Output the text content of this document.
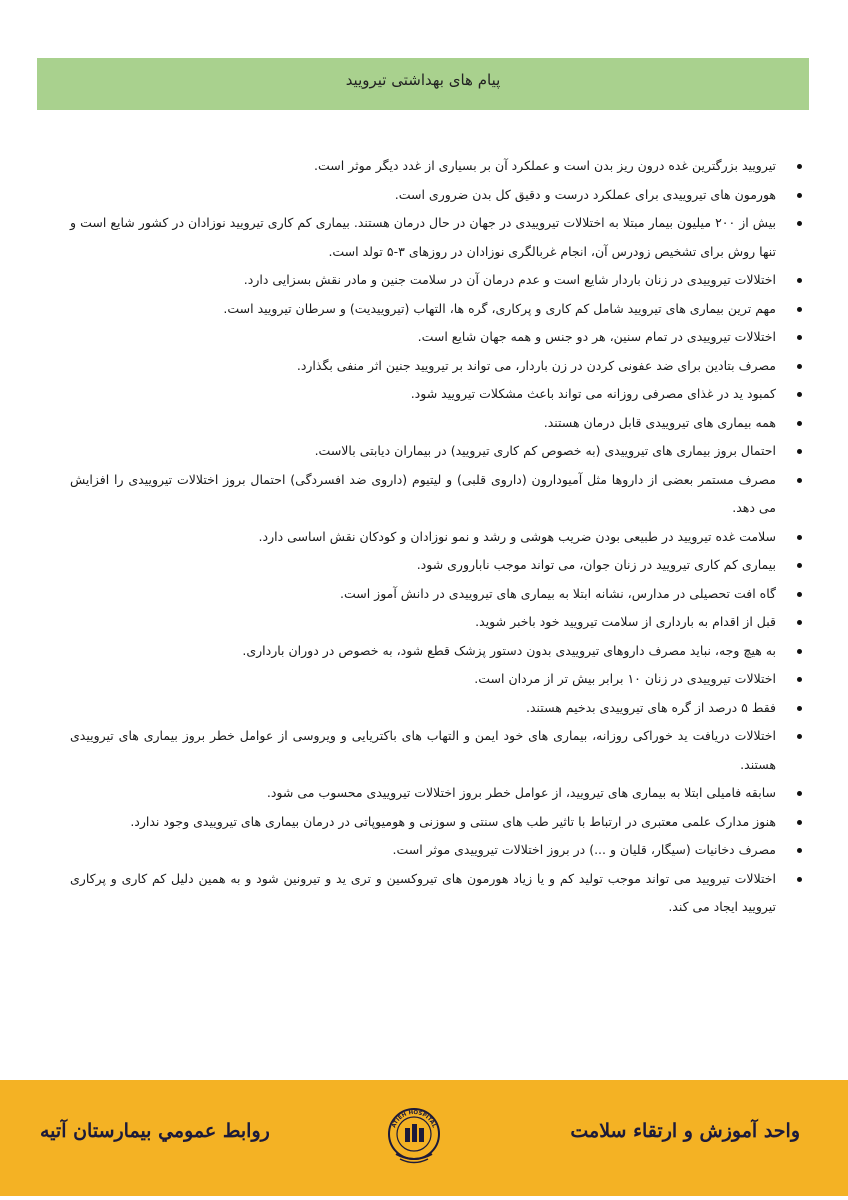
پیام های بهداشتی تیرویید
تیرویید بزرگترین غده درون ریز بدن است و عملکرد آن بر بسیاری از غدد دیگر موثر است.
هورمون های تیروییدی برای عملکرد درست و دقیق کل بدن ضروری است.
بیش از ۲۰۰ میلیون بیمار مبتلا به اختلالات تیروییدی در جهان در حال درمان هستند. بیماری کم کاری تیرویید نوزادان در کشور شایع است و تنها روش برای تشخیص زودرس آن، انجام غربالگری نوزادان در روزهای ۳-۵ تولد است.
اختلالات تیروییدی در زنان باردار شایع است و عدم درمان آن در سلامت جنین و مادر نقش بسزایی دارد.
مهم ترین بیماری های تیرویید شامل کم کاری و پرکاری، گره ها، التهاب (تیروییدیت) و سرطان تیرویید است.
اختلالات تیروییدی در تمام سنین، هر دو جنس و همه جهان شایع است.
مصرف بتادین برای ضد عفونی کردن در زن باردار، می تواند بر تیرویید جنین اثر منفی بگذارد.
کمبود ید در غذای مصرفی روزانه می تواند باعث مشکلات تیرویید شود.
همه بیماری های تیروییدی قابل درمان هستند.
احتمال بروز بیماری های تیروییدی (به خصوص کم کاری تیرویید) در بیماران دیابتی بالاست.
مصرف مستمر بعضی از داروها مثل آمیودارون (داروی قلبی) و لیتیوم (داروی ضد افسردگی) احتمال بروز اختلالات تیروییدی را افزایش می دهد.
سلامت غده تیرویید در طبیعی بودن ضریب هوشی و رشد و نمو نوزادان و کودکان نقش اساسی دارد.
بیماری کم کاری تیرویید در زنان جوان، می تواند موجب ناباروری شود.
گاه افت تحصیلی در مدارس، نشانه ابتلا به بیماری های تیروییدی در دانش آموز است.
قبل از اقدام به بارداری از سلامت تیرویید خود باخبر شوید.
به هیچ وجه، نباید مصرف داروهای تیروییدی بدون دستور پزشک قطع شود، به خصوص در دوران بارداری.
اختلالات تیروییدی در زنان ۱۰ برابر بیش تر از مردان است.
فقط ۵ درصد از گره های تیروییدی بدخیم هستند.
اختلالات دریافت ید خوراکی روزانه، بیماری های خود ایمن و التهاب های باکتریایی و ویروسی از عوامل خطر بروز بیماری های تیروییدی هستند.
سابقه فامیلی ابتلا به بیماری های تیرویید، از عوامل خطر بروز اختلالات تیروییدی محسوب می شود.
هنوز مدارک علمی معتبری در ارتباط با تاثیر طب های سنتی و سوزنی و هومیوپاتی در درمان بیماری های تیروییدی وجود ندارد.
مصرف دخانیات (سیگار، قلیان و ...) در بروز اختلالات تیروییدی موثر است.
اختلالات تیرویید می تواند موجب تولید کم و یا زیاد هورمون های تیروکسین و تری ید و تیرونین شود و به همین دلیل کم کاری و پرکاری تیرویید ایجاد می کند.
واحد آموزش و ارتقاء سلامت
روابط عمومي بيمارستان آتيه	ATIEH HOSPITAL
